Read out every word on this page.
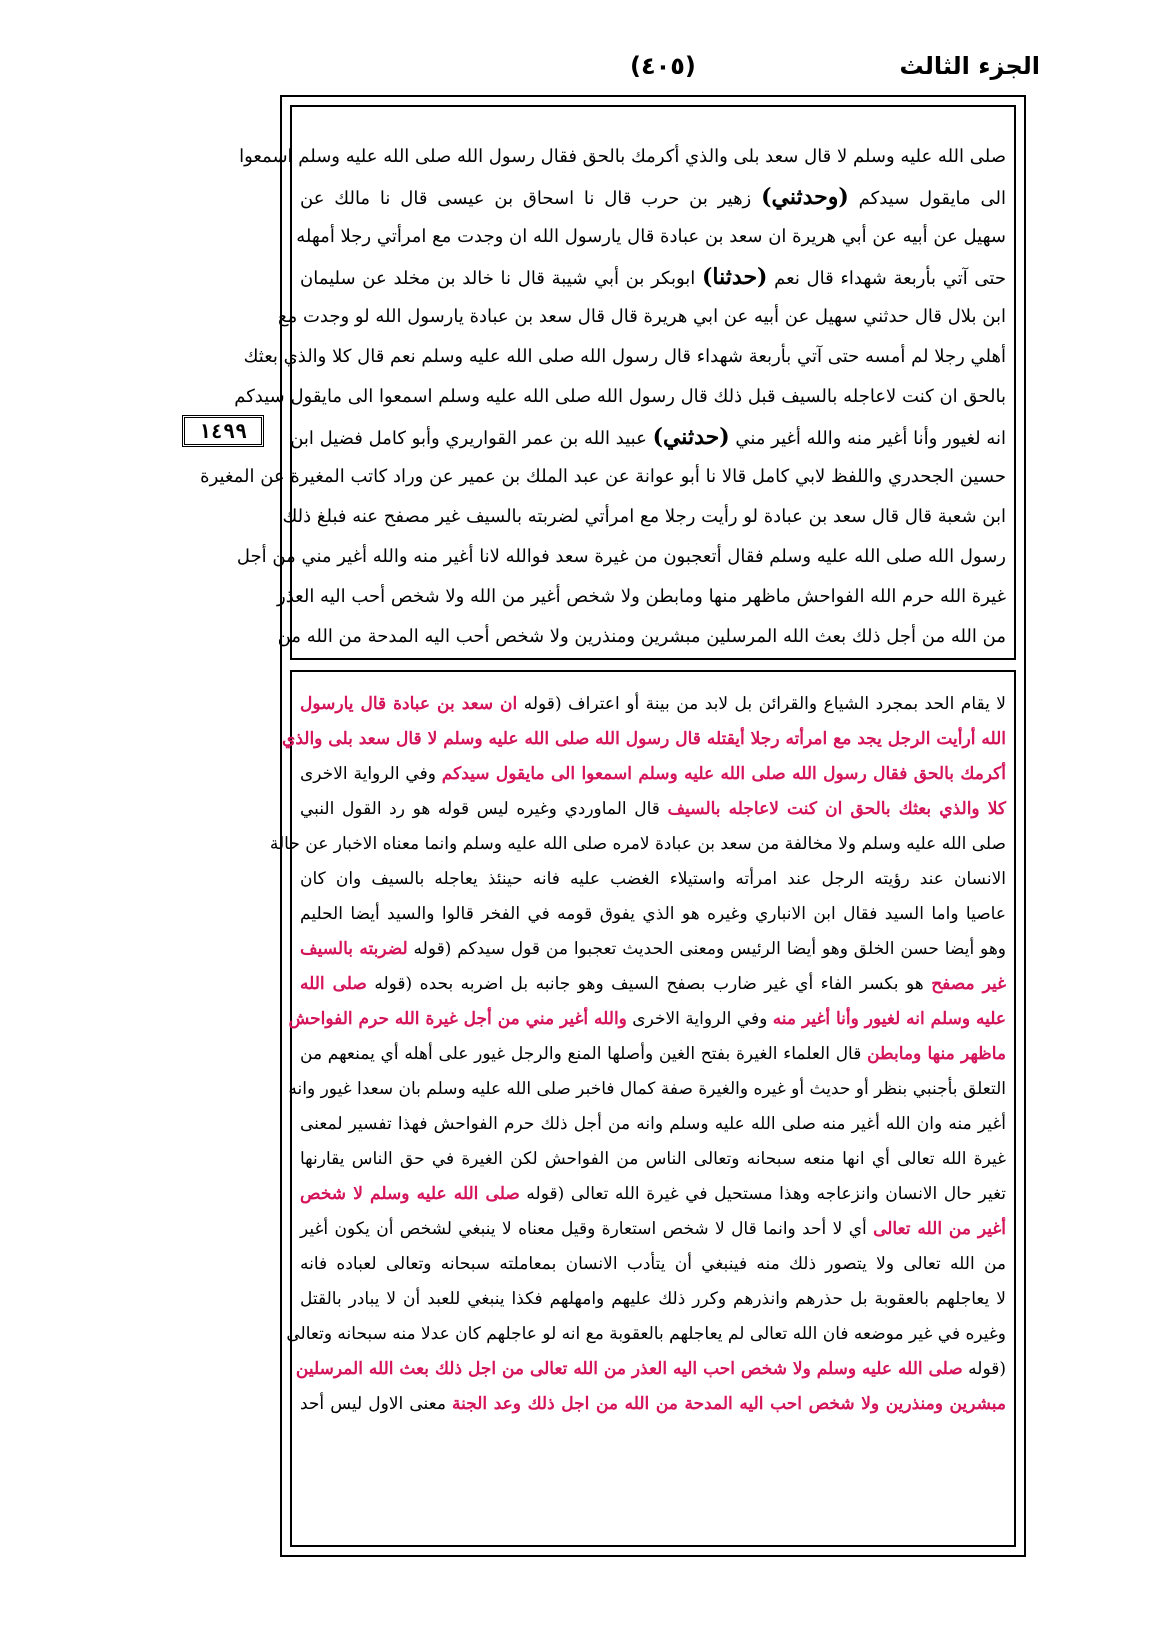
الجزء الثالث
(٤٠٥)
١٤٩٩
صلى الله عليه وسلم لا قال سعد بلى والذي أكرمك بالحق فقال رسول الله صلى الله عليه وسلم اسمعوا
الى مايقول سيدكم (وحدثني) زهير بن حرب قال نا اسحاق بن عيسى قال نا مالك عن
سهيل عن أبيه عن أبي هريرة ان سعد بن عبادة قال يارسول الله ان وجدت مع امرأتي رجلا أمهله
حتى آتي بأربعة شهداء قال نعم (حدثنا) ابوبكر بن أبي شيبة قال نا خالد بن مخلد عن سليمان
ابن بلال قال حدثني سهيل عن أبيه عن ابي هريرة قال قال سعد بن عبادة يارسول الله لو وجدت مع
أهلي رجلا لم أمسه حتى آتي بأربعة شهداء قال رسول الله صلى الله عليه وسلم نعم قال كلا والذي بعثك
بالحق ان كنت لاعاجله بالسيف قبل ذلك قال رسول الله صلى الله عليه وسلم اسمعوا الى مايقول سيدكم
انه لغيور وأنا أغير منه والله أغير مني (حدثني) عبيد الله بن عمر القواريري وأبو كامل فضيل ابن
حسين الجحدري واللفظ لابي كامل قالا نا أبو عوانة عن عبد الملك بن عمير عن وراد كاتب المغيرة عن المغيرة
ابن شعبة قال قال سعد بن عبادة لو رأيت رجلا مع امرأتي لضربته بالسيف غير مصفح عنه فبلغ ذلك
رسول الله صلى الله عليه وسلم فقال أتعجبون من غيرة سعد فوالله لانا أغير منه والله أغير مني من أجل
غيرة الله حرم الله الفواحش ماظهر منها ومابطن ولا شخص أغير من الله ولا شخص أحب اليه العذر
من الله من أجل ذلك بعث الله المرسلين مبشرين ومنذرين ولا شخص أحب اليه المدحة من الله من
لا يقام الحد بمجرد الشياع والقرائن بل لابد من بينة أو اعتراف (قوله ان سعد بن عبادة قال يارسول
الله أرأيت الرجل يجد مع امرأته رجلا أيقتله قال رسول الله صلى الله عليه وسلم لا قال سعد بلى والذي
أكرمك بالحق فقال رسول الله صلى الله عليه وسلم اسمعوا الى مايقول سيدكم وفي الرواية الاخرى
كلا والذي بعثك بالحق ان كنت لاعاجله بالسيف قال الماوردي وغيره ليس قوله هو رد القول النبي
صلى الله عليه وسلم ولا مخالفة من سعد بن عبادة لامره صلى الله عليه وسلم وانما معناه الاخبار عن حالة
الانسان عند رؤيته الرجل عند امرأته واستيلاء الغضب عليه فانه حينئذ يعاجله بالسيف وان كان
عاصيا واما السيد فقال ابن الانباري وغيره هو الذي يفوق قومه في الفخر قالوا والسيد أيضا الحليم
وهو أيضا حسن الخلق وهو أيضا الرئيس ومعنى الحديث تعجبوا من قول سيدكم (قوله لضربته بالسيف
غير مصفح هو بكسر الفاء أي غير ضارب بصفح السيف وهو جانبه بل اضربه بحده (قوله صلى الله
عليه وسلم انه لغيور وأنا أغير منه وفي الرواية الاخرى والله أغير مني من أجل غيرة الله حرم الفواحش
ماظهر منها ومابطن قال العلماء الغيرة بفتح الغين وأصلها المنع والرجل غيور على أهله أي يمنعهم من
التعلق بأجنبي بنظر أو حديث أو غيره والغيرة صفة كمال فاخبر صلى الله عليه وسلم بان سعدا غيور وانه
أغير منه وان الله أغير منه صلى الله عليه وسلم وانه من أجل ذلك حرم الفواحش فهذا تفسير لمعنى
غيرة الله تعالى أي انها منعه سبحانه وتعالى الناس من الفواحش لكن الغيرة في حق الناس يقارنها
تغير حال الانسان وانزعاجه وهذا مستحيل في غيرة الله تعالى (قوله صلى الله عليه وسلم لا شخص
أغير من الله تعالى أي لا أحد وانما قال لا شخص استعارة وقيل معناه لا ينبغي لشخص أن يكون أغير
من الله تعالى ولا يتصور ذلك منه فينبغي أن يتأدب الانسان بمعاملته سبحانه وتعالى لعباده فانه
لا يعاجلهم بالعقوبة بل حذرهم وانذرهم وكرر ذلك عليهم وامهلهم فكذا ينبغي للعبد أن لا يبادر بالقتل
وغيره في غير موضعه فان الله تعالى لم يعاجلهم بالعقوبة مع انه لو عاجلهم كان عدلا منه سبحانه وتعالى
(قوله صلى الله عليه وسلم ولا شخص احب اليه العذر من الله تعالى من اجل ذلك بعث الله المرسلين
مبشرين ومنذرين ولا شخص احب اليه المدحة من الله من اجل ذلك وعد الجنة معنى الاول ليس أحد
